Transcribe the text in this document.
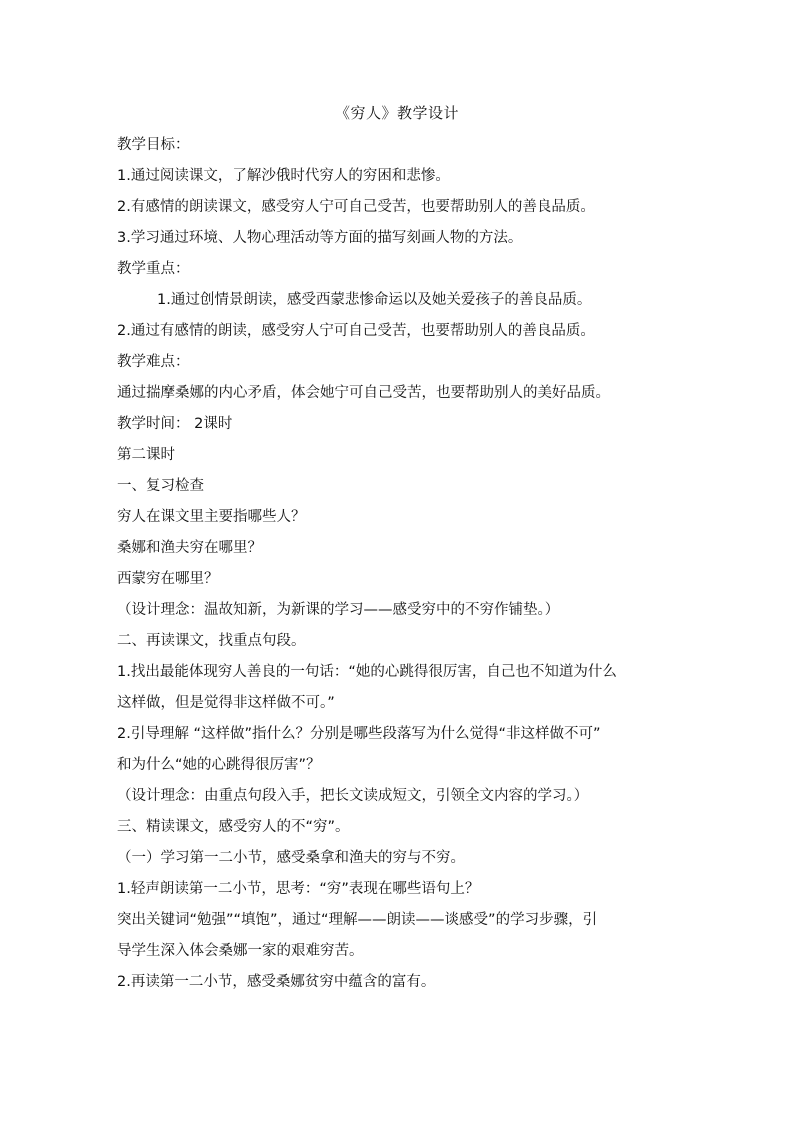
《穷人》教学设计
教学目标：
1.通过阅读课文，了解沙俄时代穷人的穷困和悲惨。
2.有感情的朗读课文，感受穷人宁可自己受苦，也要帮助别人的善良品质。
3.学习通过环境、人物心理活动等方面的描写刻画人物的方法。
教学重点：
1.通过创情景朗读，感受西蒙悲惨命运以及她关爱孩子的善良品质。
2.通过有感情的朗读，感受穷人宁可自己受苦，也要帮助别人的善良品质。
教学难点：
通过揣摩桑娜的内心矛盾，体会她宁可自己受苦，也要帮助别人的美好品质。
教学时间： 2课时
第二课时
一、复习检查
穷人在课文里主要指哪些人？
桑娜和渔夫穷在哪里？
西蒙穷在哪里？
（设计理念：温故知新，为新课的学习——感受穷中的不穷作铺垫。）
二、再读课文，找重点句段。
1.找出最能体现穷人善良的一句话：“她的心跳得很厉害，自己也不知道为什么
这样做，但是觉得非这样做不可。”
2.引导理解 “这样做”指什么？分别是哪些段落写为什么觉得“非这样做不可”
和为什么“她的心跳得很厉害”？
（设计理念：由重点句段入手，把长文读成短文，引领全文内容的学习。）
三、精读课文，感受穷人的不“穷”。
（一）学习第一二小节，感受桑拿和渔夫的穷与不穷。
1.轻声朗读第一二小节，思考：“穷”表现在哪些语句上？
突出关键词“勉强”“填饱”，通过“理解——朗读——谈感受”的学习步骤，引
导学生深入体会桑娜一家的艰难穷苦。
2.再读第一二小节，感受桑娜贫穷中蕴含的富有。
